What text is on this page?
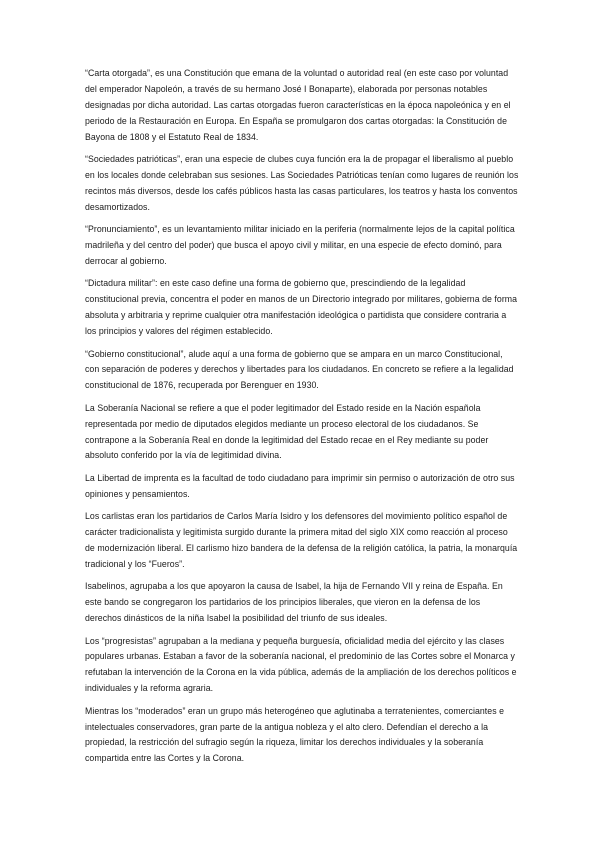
“Carta otorgada”, es una Constitución que emana de la voluntad o autoridad real (en este caso por voluntad del emperador Napoleón, a través de su hermano José I Bonaparte), elaborada por personas notables designadas por dicha autoridad. Las cartas otorgadas fueron características en la época napoleónica y en el periodo de la Restauración en Europa. En España se promulgaron dos cartas otorgadas: la Constitución de Bayona de 1808 y el Estatuto Real de 1834.

“Sociedades patrióticas”, eran una especie de clubes cuya función era la de propagar el liberalismo al pueblo en los locales donde celebraban sus sesiones. Las Sociedades Patrióticas tenían como lugares de reunión los recintos más diversos, desde los cafés públicos hasta las casas particulares, los teatros y hasta los conventos desamortizados.

“Pronunciamiento”, es un levantamiento militar iniciado en la periferia (normalmente lejos de la capital política madrileña y del centro del poder) que busca el apoyo civil y militar, en una especie de efecto dominó, para derrocar al gobierno.

“Dictadura militar”: en este caso define una forma de gobierno que, prescindiendo de la legalidad constitucional previa, concentra el poder en manos de un Directorio integrado por militares, gobierna de forma absoluta y arbitraria y reprime cualquier otra manifestación ideológica o partidista que considere contraria a los principios y valores del régimen establecido.

“Gobierno constitucional”, alude aquí a una forma de gobierno que se ampara en un marco Constitucional, con separación de poderes y derechos y libertades para los ciudadanos. En concreto se refiere a la legalidad constitucional de 1876, recuperada por Berenguer en 1930.

La Soberanía Nacional se refiere a que el poder legitimador del Estado reside en la Nación española representada por medio de diputados elegidos mediante un proceso electoral de los ciudadanos. Se contrapone a la Soberanía Real en donde la legitimidad del Estado recae en el Rey mediante su poder absoluto conferido por la vía de legitimidad divina.

La Libertad de imprenta es la facultad de todo ciudadano para imprimir sin permiso o autorización de otro sus opiniones y pensamientos.

Los carlistas eran los partidarios de Carlos María Isidro y los defensores del movimiento político español de carácter tradicionalista y legitimista surgido durante la primera mitad del siglo XIX como reacción al proceso de modernización liberal. El carlismo hizo bandera de la defensa de la religión católica, la patria, la monarquía tradicional y los “Fueros”.

Isabelinos, agrupaba a los que apoyaron la causa de Isabel, la hija de Fernando VII y reina de España. En este bando se congregaron los partidarios de los principios liberales, que vieron en la defensa de los derechos dinásticos de la niña Isabel la posibilidad del triunfo de sus ideales.

Los “progresistas” agrupaban a la mediana y pequeña burguesía, oficialidad media del ejército y las clases populares urbanas. Estaban a favor de la soberanía nacional, el predominio de las Cortes sobre el Monarca y refutaban la intervención de la Corona en la vida pública, además de la ampliación de los derechos políticos e individuales y la reforma agraria.

Mientras los “moderados” eran un grupo más heterogéneo que aglutinaba a terratenientes, comerciantes e intelectuales conservadores, gran parte de la antigua nobleza y el alto clero. Defendían el derecho a la propiedad, la restricción del sufragio según la riqueza, limitar los derechos individuales y la soberanía compartida entre las Cortes y la Corona.
